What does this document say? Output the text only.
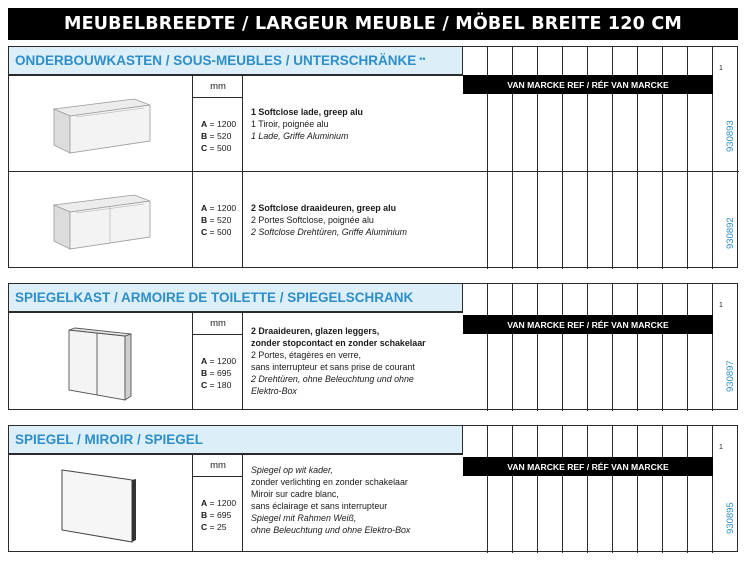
MEUBELBREEDTE / LARGEUR MEUBLE / MÖBEL BREITE 120 CM
ONDERBOUWKASTEN / SOUS-MEUBLES / UNTERSCHRÄNKE **
1
VAN MARCKE REF / RÉF VAN MARCKE
mm
A = 1200
B = 520
C = 500
1 Softclose lade, greep alu
1 Tiroir, poignée alu
1 Lade, Griffe Aluminium	930893
A = 1200
B = 520
C = 500
2 Softclose draaideuren, greep alu
2 Portes Softclose, poignée alu
2 Softclose Drehtüren, Griffe Aluminium	930892
SPIEGELKAST / ARMOIRE DE TOILETTE / SPIEGELSCHRANK
1
VAN MARCKE REF / RÉF VAN MARCKE
mm
A = 1200
B = 695
C = 180
2 Draaideuren, glazen leggers,
zonder stopcontact en zonder schakelaar
2 Portes, étagères en verre,
sans interrupteur et sans prise de courant
2 Drehtüren, ohne Beleuchtung und ohne
Elektro-Box	930897
SPIEGEL / MIROIR / SPIEGEL
1
VAN MARCKE REF / RÉF VAN MARCKE
mm
A = 1200
B = 695
C = 25
Spiegel op wit kader,
zonder verlichting en zonder schakelaar
Miroir sur cadre blanc,
sans éclairage et sans interrupteur
Spiegel mit Rahmen Weiß,
ohne Beleuchtung und ohne Elektro-Box	930895
